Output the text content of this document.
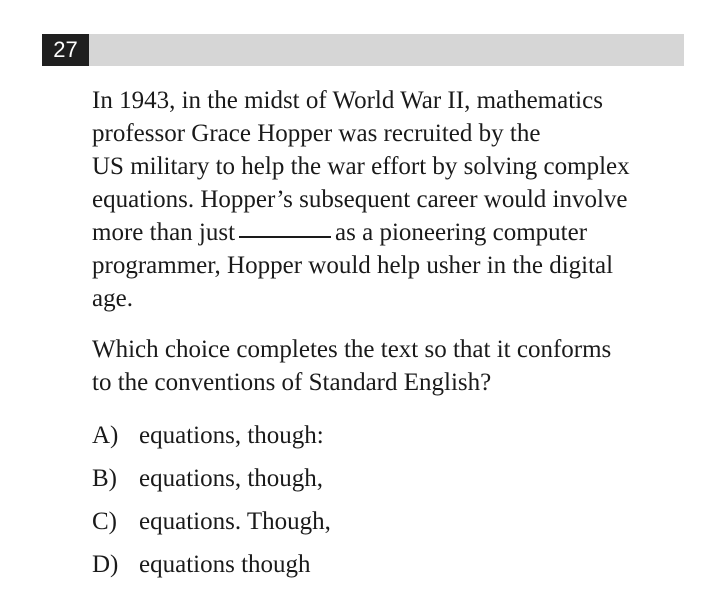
27

In 1943, in the midst of World War II, mathematics

professor Grace Hopper was recruited by the

US military to help the war effort by solving complex

equations. Hopper’s subsequent career would involve

more than just	as a pioneering computer

programmer, Hopper would help usher in the digital

age.

Which choice completes the text so that it conforms
to the conventions of Standard English?
A) equations, though:
B) equations, though,
C) equations. Though,
D) equations though
